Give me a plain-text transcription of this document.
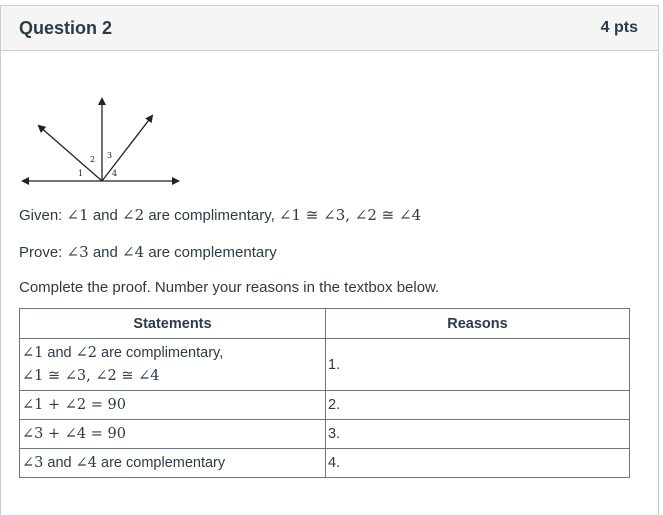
Question 2	4 pts
1
2 3
4
Given: ∠1 and ∠2 are complimentary, ∠1 ≅ ∠3, ∠2 ≅ ∠4
Prove: ∠3 and ∠4 are complementary
Complete the proof. Number your reasons in the textbox below.
Statements	Reasons

∠1 and ∠2 are complimentary,
∠1 ≅ ∠3, ∠2 ≅ ∠4	1.
∠1 + ∠2 = 90	2.
∠3 + ∠4 = 90	3.
∠3 and ∠4 are complementary	4.
